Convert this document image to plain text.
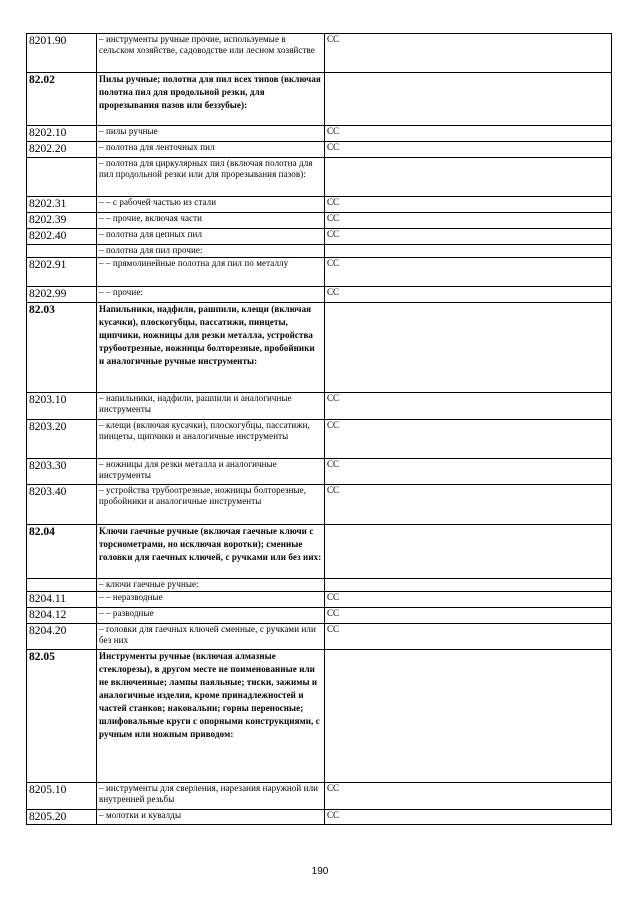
8201.90	– инструменты ручные прочие, используемые в сельском хозяйстве, садоводстве или лесном хозяйстве	CC
82.02	Пилы ручные; полотна для пил всех типов (включая полотна пил для продольной резки, для прорезывания пазов или беззубые):	
8202.10	– пилы ручные	CC
8202.20	– полотна для ленточных пил	CC
	– полотна для циркулярных пил (включая полотна для пил продольной резки или для прорезывания пазов):	
8202.31	– – с рабочей частью из стали	CC
8202.39	– – прочие, включая части	CC
8202.40	– полотна для цепных пил	CC
	– полотна для пил прочие:	
8202.91	– – прямолинейные полотна для пил по металлу	CC
8202.99	– – прочие:	CC
82.03	Напильники, надфили, рашпили, клещи (включая кусачки), плоскогубцы, пассатижи, пинцеты, щипчики, ножницы для резки металла, устройства трубоотрезные, ножницы болторезные, пробойники и аналогичные ручные инструменты:	
8203.10	– напильники, надфили, рашпили и аналогичные инструменты	CC
8203.20	– клещи (включая кусачки), плоскогубцы, пассатижи, пинцеты, щипчики и аналогичные инструменты	CC
8203.30	– ножницы для резки металла и аналогичные инструменты	CC
8203.40	– устройства трубоотрезные, ножницы болторезные, пробойники и аналогичные инструменты	CC
82.04	Ключи гаечные ручные (включая гаечные ключи с торсиометрами, но исключая воротки); сменные головки для гаечных ключей, с ручками или без них:	
	– ключи гаечные ручные:	
8204.11	– – неразводные	CC
8204.12	– – разводные	CC
8204.20	– головки для гаечных ключей сменные, с ручками или без них	CC
82.05	Инструменты ручные (включая алмазные стеклорезы), в другом месте не поименованные или не включенные; лампы паяльные; тиски, зажимы и аналогичные изделия, кроме принадлежностей и частей станков; наковальни; горны переносные; шлифовальные круги с опорными конструкциями, с ручным или ножным приводом:	
8205.10	– инструменты для сверления, нарезания наружной или внутренней резьбы	CC
8205.20	– молотки и кувалды	CC
190
